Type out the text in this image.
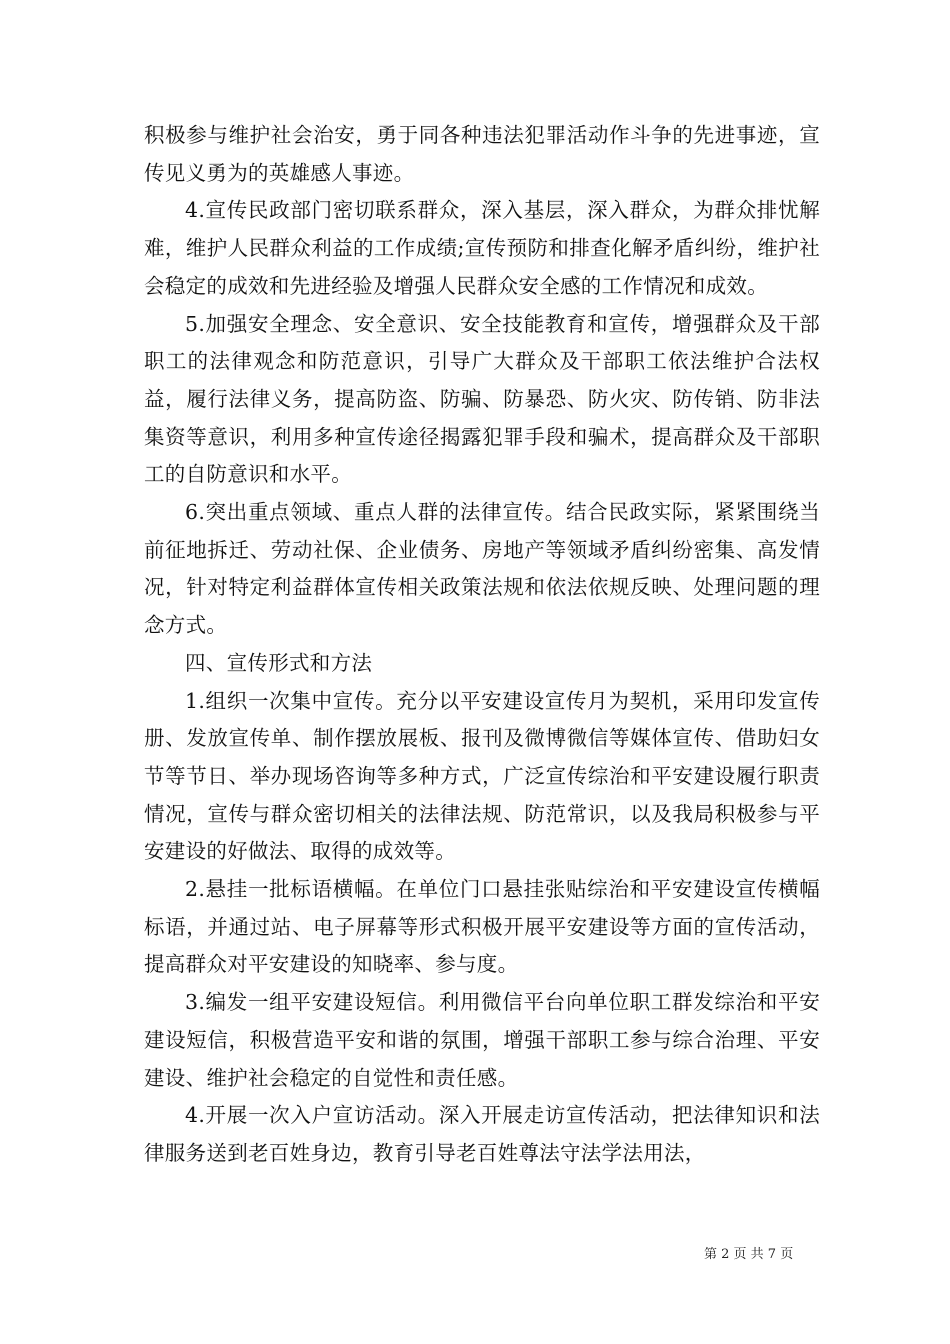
积极参与维护社会治安，勇于同各种违法犯罪活动作斗争的先进事迹，宣传见义勇为的英雄感人事迹。

4.宣传民政部门密切联系群众，深入基层，深入群众，为群众排忧解难，维护人民群众利益的工作成绩;宣传预防和排查化解矛盾纠纷，维护社会稳定的成效和先进经验及增强人民群众安全感的工作情况和成效。

5.加强安全理念、安全意识、安全技能教育和宣传，增强群众及干部职工的法律观念和防范意识，引导广大群众及干部职工依法维护合法权益，履行法律义务，提高防盗、防骗、防暴恐、防火灾、防传销、防非法集资等意识，利用多种宣传途径揭露犯罪手段和骗术，提高群众及干部职工的自防意识和水平。

6.突出重点领域、重点人群的法律宣传。结合民政实际，紧紧围绕当前征地拆迁、劳动社保、企业债务、房地产等领域矛盾纠纷密集、高发情况，针对特定利益群体宣传相关政策法规和依法依规反映、处理问题的理念方式。

四、宣传形式和方法

1.组织一次集中宣传。充分以平安建设宣传月为契机，采用印发宣传册、发放宣传单、制作摆放展板、报刊及微博微信等媒体宣传、借助妇女节等节日、举办现场咨询等多种方式，广泛宣传综治和平安建设履行职责情况，宣传与群众密切相关的法律法规、防范常识，以及我局积极参与平安建设的好做法、取得的成效等。

2.悬挂一批标语横幅。在单位门口悬挂张贴综治和平安建设宣传横幅标语，并通过站、电子屏幕等形式积极开展平安建设等方面的宣传活动，提高群众对平安建设的知晓率、参与度。

3.编发一组平安建设短信。利用微信平台向单位职工群发综治和平安建设短信，积极营造平安和谐的氛围，增强干部职工参与综合治理、平安建设、维护社会稳定的自觉性和责任感。

4.开展一次入户宣访活动。深入开展走访宣传活动，把法律知识和法律服务送到老百姓身边，教育引导老百姓尊法守法学法用法，

第 2 页 共 7 页
